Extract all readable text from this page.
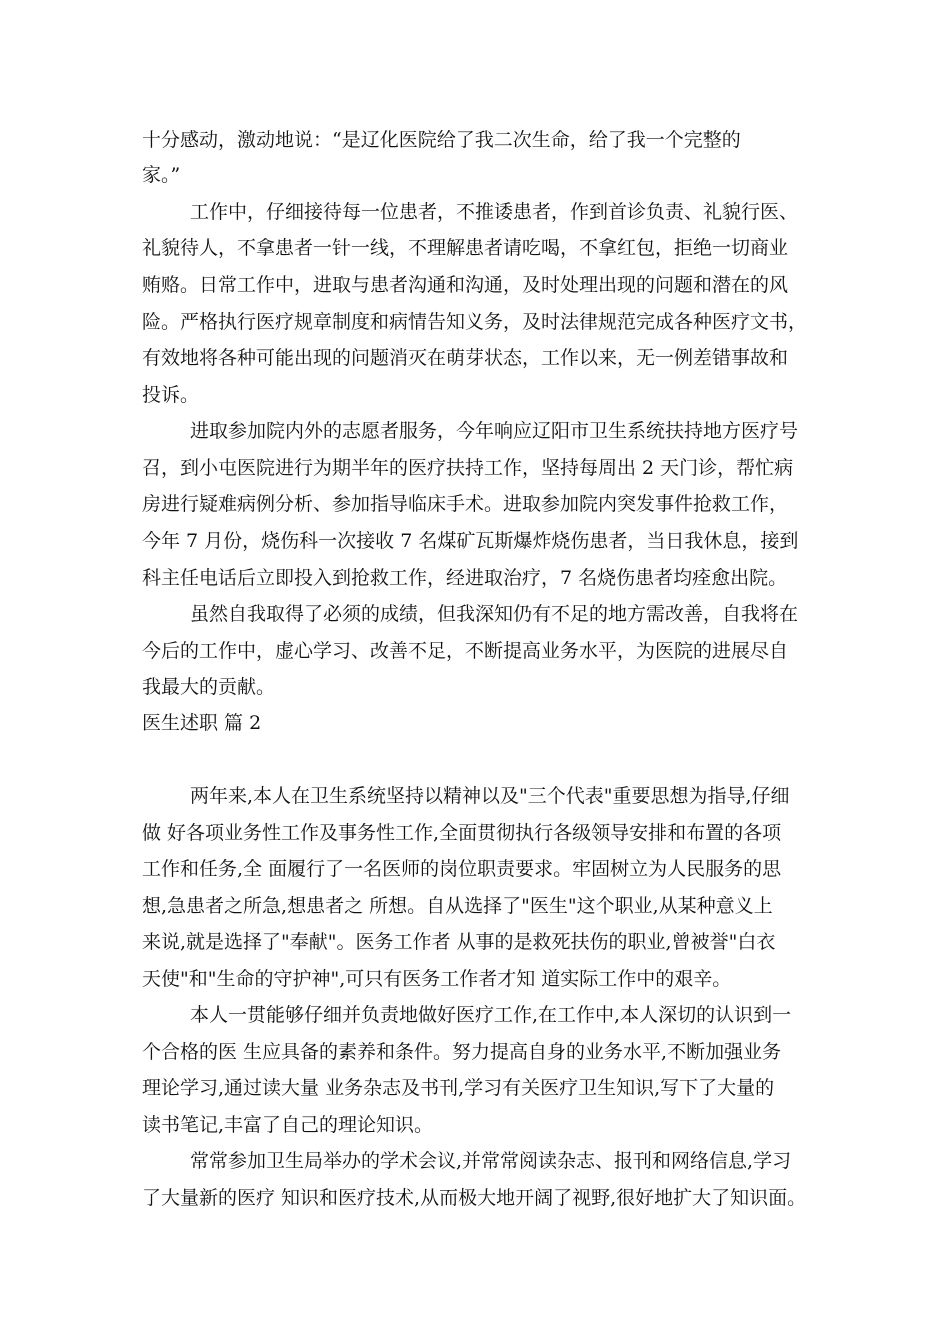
十分感动，激动地说：“是辽化医院给了我二次生命，给了我一个完整的
家。”
工作中，仔细接待每一位患者，不推诿患者，作到首诊负责、礼貌行医、
礼貌待人，不拿患者一针一线，不理解患者请吃喝，不拿红包，拒绝一切商业
贿赂。日常工作中，进取与患者沟通和沟通，及时处理出现的问题和潜在的风
险。严格执行医疗规章制度和病情告知义务，及时法律规范完成各种医疗文书，
有效地将各种可能出现的问题消灭在萌芽状态，工作以来，无一例差错事故和
投诉。
进取参加院内外的志愿者服务，今年响应辽阳市卫生系统扶持地方医疗号
召，到小屯医院进行为期半年的医疗扶持工作，坚持每周出 2 天门诊，帮忙病
房进行疑难病例分析、参加指导临床手术。进取参加院内突发事件抢救工作，
今年 7 月份，烧伤科一次接收 7 名煤矿瓦斯爆炸烧伤患者，当日我休息，接到
科主任电话后立即投入到抢救工作，经进取治疗，7 名烧伤患者均痊愈出院。
虽然自我取得了必须的成绩，但我深知仍有不足的地方需改善，自我将在
今后的工作中，虚心学习、改善不足，不断提高业务水平，为医院的进展尽自
我最大的贡献。
医生述职 篇 2
两年来,本人在卫生系统坚持以精神以及"三个代表"重要思想为指导,仔细
做 好各项业务性工作及事务性工作,全面贯彻执行各级领导安排和布置的各项
工作和任务,全 面履行了一名医师的岗位职责要求。牢固树立为人民服务的思
想,急患者之所急,想患者之 所想。自从选择了"医生"这个职业,从某种意义上
来说,就是选择了"奉献"。医务工作者 从事的是救死扶伤的职业,曾被誉"白衣
天使"和"生命的守护神",可只有医务工作者才知 道实际工作中的艰辛。
本人一贯能够仔细并负责地做好医疗工作,在工作中,本人深切的认识到一
个合格的医 生应具备的素养和条件。努力提高自身的业务水平,不断加强业务
理论学习,通过读大量 业务杂志及书刊,学习有关医疗卫生知识,写下了大量的
读书笔记,丰富了自己的理论知识。
常常参加卫生局举办的学术会议,并常常阅读杂志、报刊和网络信息,学习
了大量新的医疗 知识和医疗技术,从而极大地开阔了视野,很好地扩大了知识面。
